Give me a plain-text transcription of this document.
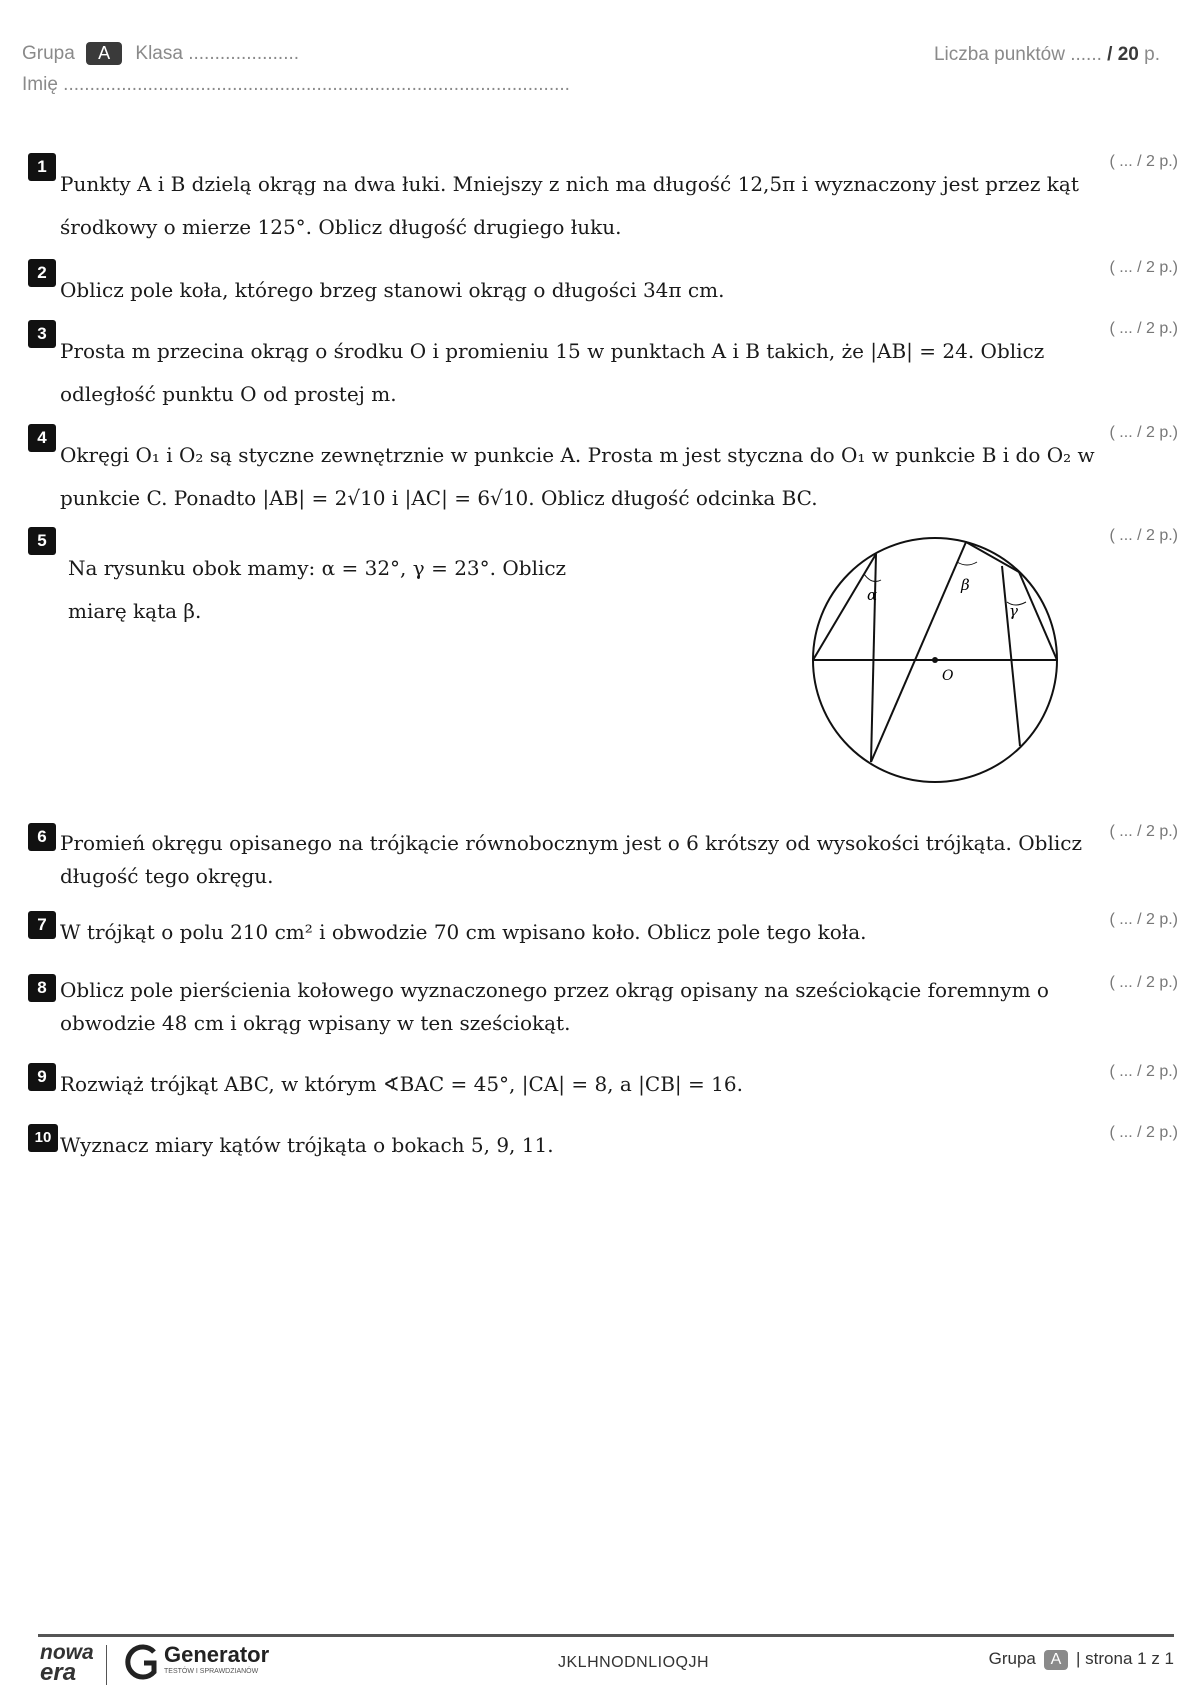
Grupa A Klasa .....................	Liczba punktów ...... / 20 p.
Imię ................................................................................................
1
Punkty A i B dzielą okrąg na dwa łuki. Mniejszy z nich ma długość 12,5π i wyznaczony jest przez kąt środkowy o mierze 125°. Oblicz długość drugiego łuku.
( ... / 2 p.)
2
Oblicz pole koła, którego brzeg stanowi okrąg o długości 34π cm.
( ... / 2 p.)
3
Prosta m przecina okrąg o środku O i promieniu 15 w punktach A i B takich, że |AB| = 24. Oblicz odległość punktu O od prostej m.
( ... / 2 p.)
4
Okręgi O₁ i O₂ są styczne zewnętrznie w punkcie A. Prosta m jest styczna do O₁ w punkcie B i do O₂ w punkcie C. Ponadto |AB| = 2√10 i |AC| = 6√10. Oblicz długość odcinka BC.
( ... / 2 p.)
5
Na rysunku obok mamy: α = 32°, γ = 23°. Oblicz miarę kąta β.
( ... / 2 p.)
α
β
γ
O
6 Promień okręgu opisanego na trójkącie równobocznym jest o 6 krótszy od wysokości trójkąta. Oblicz długość tego okręgu.
( ... / 2 p.)
7 W trójkąt o polu 210 cm² i obwodzie 70 cm wpisano koło. Oblicz pole tego koła.
( ... / 2 p.)
8 Oblicz pole pierścienia kołowego wyznaczonego przez okrąg opisany na sześciokącie foremnym o obwodzie 48 cm i okrąg wpisany w ten sześciokąt.
( ... / 2 p.)
9 Rozwiąż trójkąt ABC, w którym ∢BAC = 45°, |CA| = 8, a |CB| = 16.
( ... / 2 p.)
10 Wyznacz miary kątów trójkąta o bokach 5, 9, 11.
( ... / 2 p.)
nowa
era
Generator
TESTÓW I SPRAWDZIANÓW
JKLHNODNLIOQJH	Grupa A | strona 1 z 1
